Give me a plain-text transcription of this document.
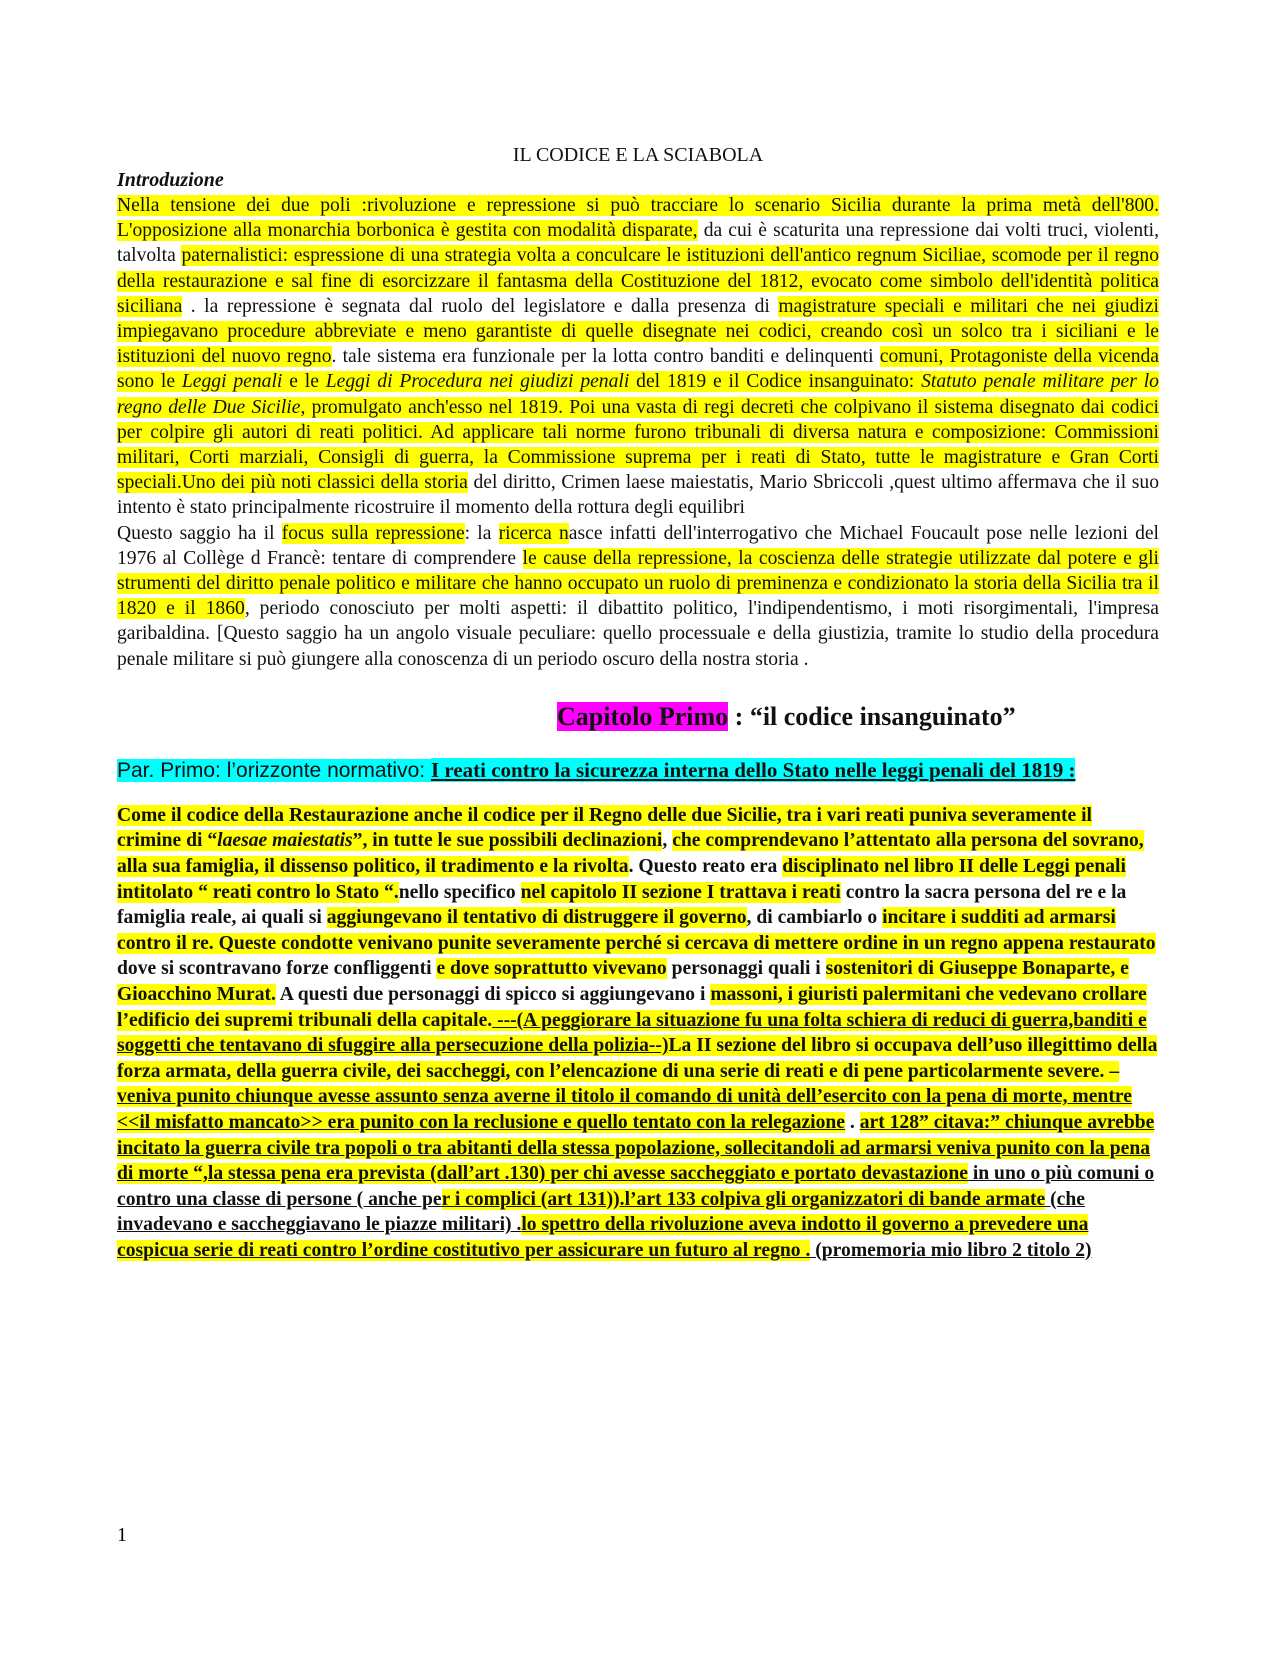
IL CODICE E LA SCIABOLA

Introduzione

Nella tensione dei due poli :rivoluzione e repressione si può tracciare lo scenario Sicilia durante la prima metà dell'800. L'opposizione alla monarchia borbonica è gestita con modalità disparate, da cui è scaturita una repressione dai volti truci, violenti, talvolta paternalistici: espressione di una strategia volta a conculcare le istituzioni dell'antico regnum Siciliae, scomode per il regno della restaurazione e sal fine di esorcizzare il fantasma della Costituzione del 1812, evocato come simbolo dell'identità politica siciliana . la repressione è segnata dal ruolo del legislatore e dalla presenza di magistrature speciali e militari che nei giudizi impiegavano procedure abbreviate e meno garantiste di quelle disegnate nei codici, creando così un solco tra i siciliani e le istituzioni del nuovo regno. tale sistema era funzionale per la lotta contro banditi e delinquenti comuni, Protagoniste della vicenda sono le Leggi penali e le Leggi di Procedura nei giudizi penali del 1819 e il Codice insanguinato: Statuto penale militare per lo regno delle Due Sicilie, promulgato anch'esso nel 1819. Poi una vasta di regi decreti che colpivano il sistema disegnato dai codici per colpire gli autori di reati politici. Ad applicare tali norme furono tribunali di diversa natura e composizione: Commissioni militari, Corti marziali, Consigli di guerra, la Commissione suprema per i reati di Stato, tutte le magistrature e Gran Corti speciali.Uno dei più noti classici della storia del diritto, Crimen laese maiestatis, Mario Sbriccoli ,quest ultimo affermava che il suo intento è stato principalmente ricostruire il momento della rottura degli equilibri

Questo saggio ha il focus sulla repressione: la ricerca nasce infatti dell'interrogativo che Michael Foucault pose nelle lezioni del 1976 al Collège d Francè: tentare di comprendere le cause della repressione, la coscienza delle strategie utilizzate dal potere e gli strumenti del diritto penale politico e militare che hanno occupato un ruolo di preminenza e condizionato la storia della Sicilia tra il 1820 e il 1860, periodo conosciuto per molti aspetti: il dibattito politico, l'indipendentismo, i moti risorgimentali, l'impresa garibaldina. [Questo saggio ha un angolo visuale peculiare: quello processuale e della giustizia, tramite lo studio della procedura penale militare si può giungere alla conoscenza di un periodo oscuro della nostra storia .

Capitolo Primo : “il codice insanguinato”

Par. Primo: l’orizzonte normativo: I reati contro la sicurezza interna dello Stato nelle leggi penali del 1819 :

Come il codice della Restaurazione anche il codice per il Regno delle due Sicilie, tra i vari reati puniva severamente il crimine di “laesae maiestatis”, in tutte le sue possibili declinazioni, che comprendevano l’attentato alla persona del sovrano, alla sua famiglia, il dissenso politico, il tradimento e la rivolta. Questo reato era disciplinato nel libro II delle Leggi penali intitolato “ reati contro lo Stato “.nello specifico nel capitolo II sezione I trattava i reati contro la sacra persona del re e la famiglia reale, ai quali si aggiungevano il tentativo di distruggere il governo, di cambiarlo o incitare i sudditi ad armarsi contro il re. Queste condotte venivano punite severamente perché si cercava di mettere ordine in un regno appena restaurato dove si scontravano forze confliggenti e dove soprattutto vivevano personaggi quali i sostenitori di Giuseppe Bonaparte, e Gioacchino Murat. A questi due personaggi di spicco si aggiungevano i massoni, i giuristi palermitani che vedevano crollare l’edificio dei supremi tribunali della capitale. ---(A peggiorare la situazione fu una folta schiera di reduci di guerra,banditi e soggetti che tentavano di sfuggire alla persecuzione della polizia--)La II sezione del libro si occupava dell’uso illegittimo della forza armata, della guerra civile, dei saccheggi, con l’elencazione di una serie di reati e di pene particolarmente severe. –veniva punito chiunque avesse assunto senza averne il titolo il comando di unità dell’esercito con la pena di morte, mentre <<il misfatto mancato>> era punito con la reclusione e quello tentato con la relegazione . art 128” citava:” chiunque avrebbe incitato la guerra civile tra popoli o tra abitanti della stessa popolazione, sollecitandoli ad armarsi veniva punito con la pena di morte “,la stessa pena era prevista (dall’art .130) per chi avesse saccheggiato e portato devastazione in uno o più comuni o contro una classe di persone ( anche per i complici (art 131)).l’art 133 colpiva gli organizzatori di bande armate (che invadevano e saccheggiavano le piazze militari) .lo spettro della rivoluzione aveva indotto il governo a prevedere una cospicua serie di reati contro l’ordine costitutivo per assicurare un futuro al regno . (promemoria mio libro 2 titolo 2)

1
